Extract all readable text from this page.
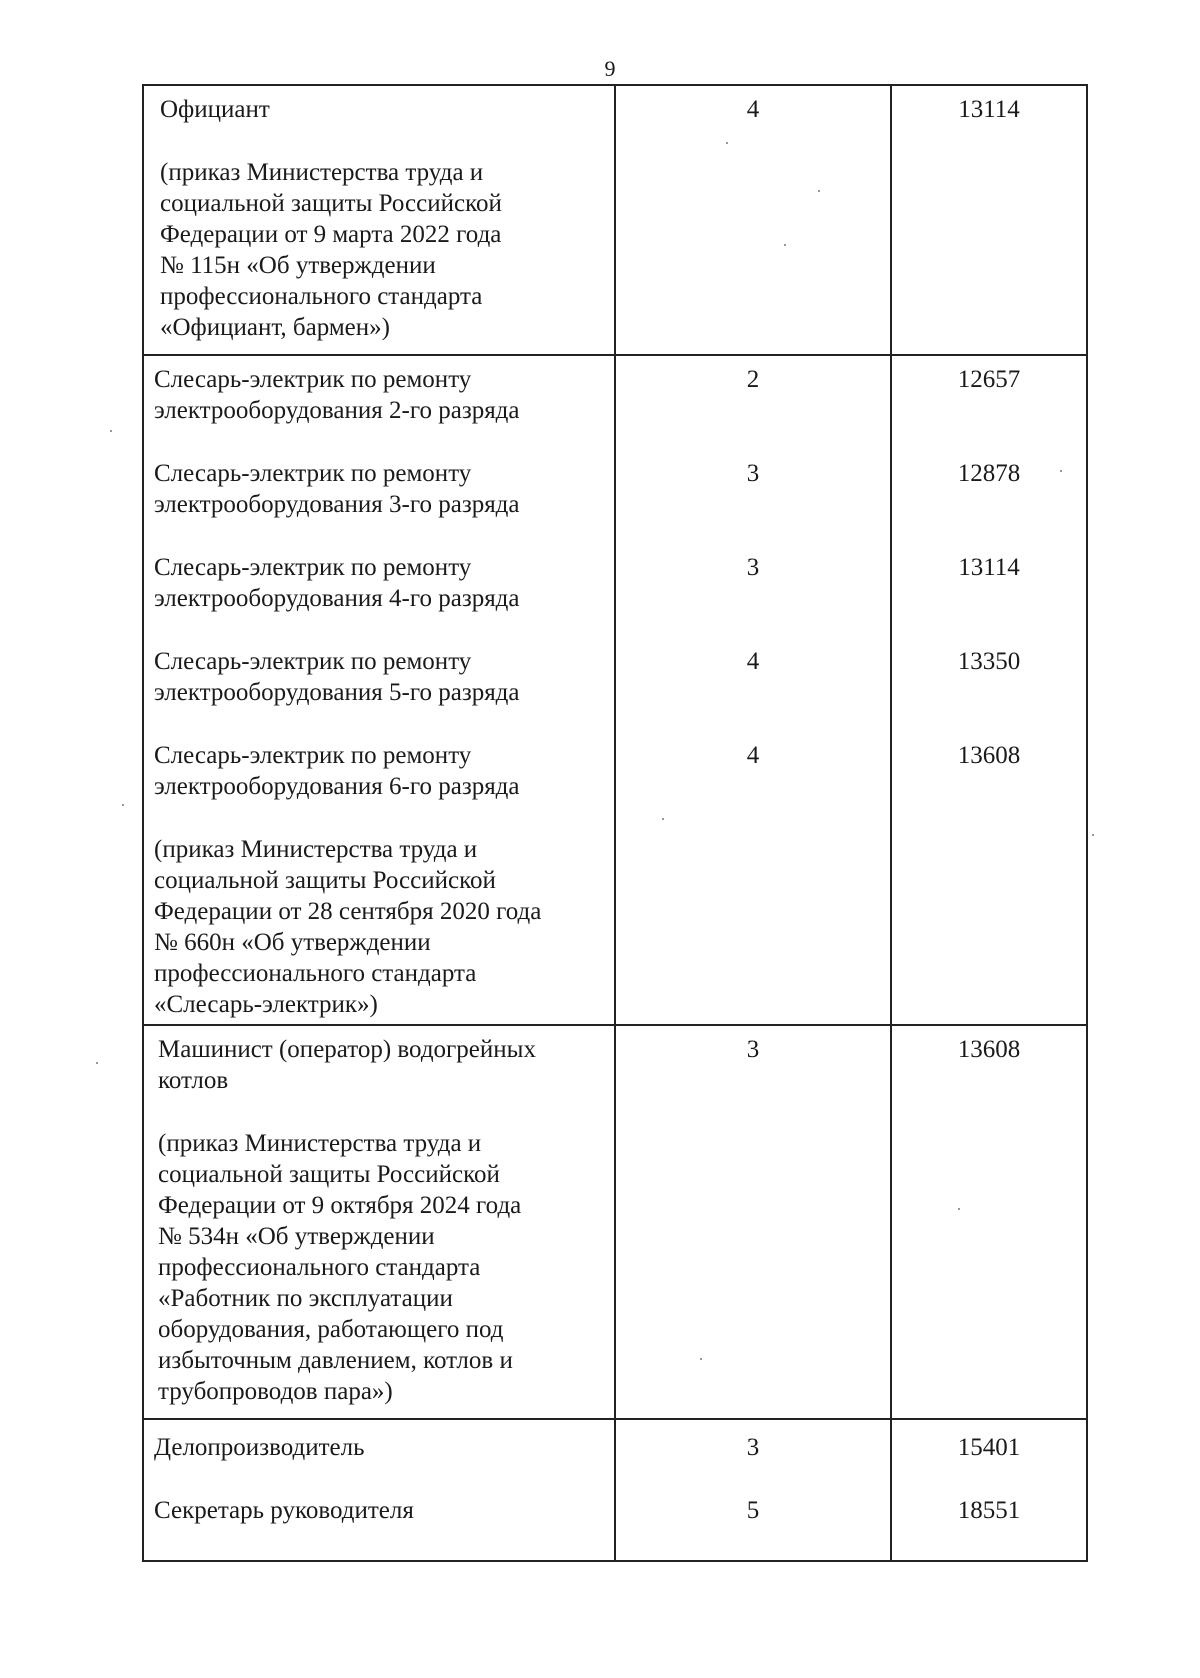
9

Официант

(приказ Министерства труда и
социальной защиты Российской
Федерации от 9 марта 2022 года
№ 115н «Об утверждении
профессионального стандарта
«Официант, бармен»)

4	13114

Слесарь-электрик по ремонту
электрооборудования 2-го разряда

Слесарь-электрик по ремонту
электрооборудования 3-го разряда

Слесарь-электрик по ремонту
электрооборудования 4-го разряда

Слесарь-электрик по ремонту
электрооборудования 5-го разряда

Слесарь-электрик по ремонту
электрооборудования 6-го разряда

(приказ Министерства труда и
социальной защиты Российской
Федерации от 28 сентября 2020 года
№ 660н «Об утверждении
профессионального стандарта
«Слесарь-электрик»)

2

3

3

4

4

12657

12878

13114

13350

13608

Машинист (оператор) водогрейных
котлов

(приказ Министерства труда и
социальной защиты Российской
Федерации от 9 октября 2024 года
№ 534н «Об утверждении
профессионального стандарта
«Работник по эксплуатации
оборудования, работающего под
избыточным давлением, котлов и
трубопроводов пара»)

3	13608

Делопроизводитель

Секретарь руководителя

3

5

15401

18551
